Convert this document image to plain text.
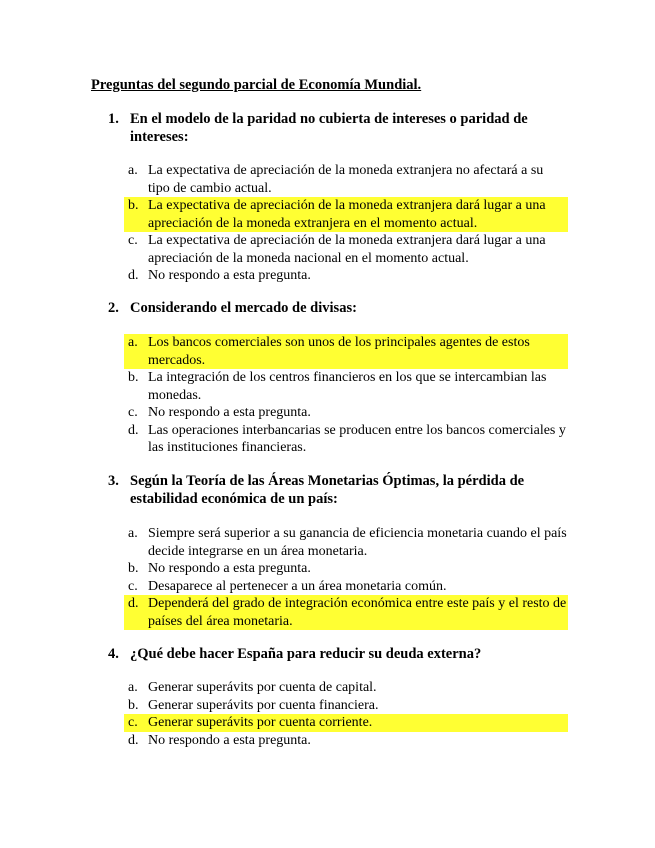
Preguntas del segundo parcial de Economía Mundial.
1. En el modelo de la paridad no cubierta de intereses o paridad de intereses:
a. La expectativa de apreciación de la moneda extranjera no afectará a su tipo de cambio actual.
b. La expectativa de apreciación de la moneda extranjera dará lugar a una apreciación de la moneda extranjera en el momento actual.
c. La expectativa de apreciación de la moneda extranjera dará lugar a una apreciación de la moneda nacional en el momento actual.
d. No respondo a esta pregunta.
2. Considerando el mercado de divisas:
a. Los bancos comerciales son unos de los principales agentes de estos mercados.
b. La integración de los centros financieros en los que se intercambian las monedas.
c. No respondo a esta pregunta.
d. Las operaciones interbancarias se producen entre los bancos comerciales y las instituciones financieras.
3. Según la Teoría de las Áreas Monetarias Óptimas, la pérdida de estabilidad económica de un país:
a. Siempre será superior a su ganancia de eficiencia monetaria cuando el país decide integrarse en un área monetaria.
b. No respondo a esta pregunta.
c. Desaparece al pertenecer a un área monetaria común.
d. Dependerá del grado de integración económica entre este país y el resto de países del área monetaria.
4. ¿Qué debe hacer España para reducir su deuda externa?
a. Generar superávits por cuenta de capital.
b. Generar superávits por cuenta financiera.
c. Generar superávits por cuenta corriente.
d. No respondo a esta pregunta.
